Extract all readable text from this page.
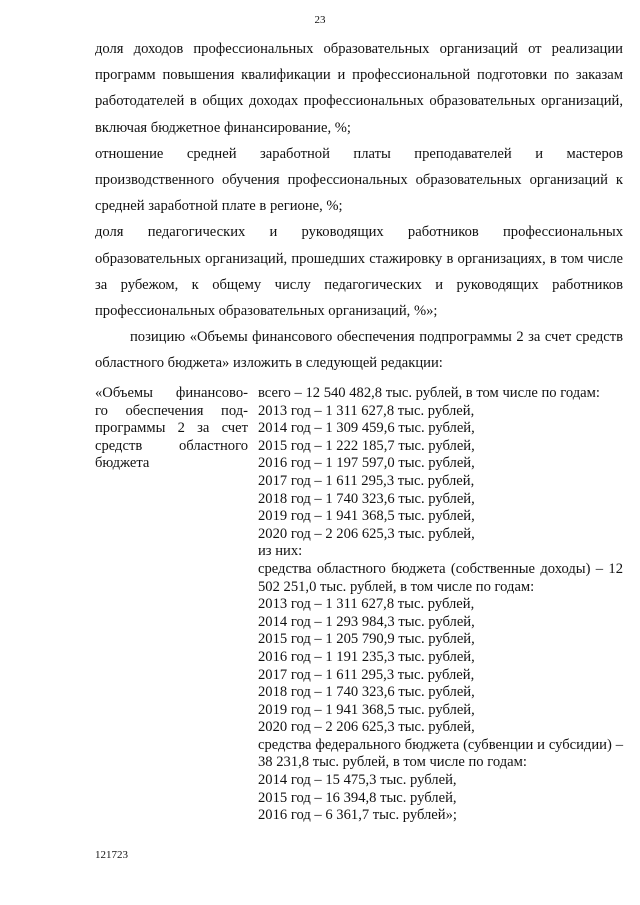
23

доля доходов профессиональных образовательных организаций от реализации программ повышения квалификации и профессиональной подготовки по заказам работодателей в общих доходах профессиональных образовательных организаций, включая бюджетное финансирование, %;

отношение средней заработной платы преподавателей и мастеров производственного обучения профессиональных образовательных организаций к средней заработной плате в регионе, %;

доля педагогических и руководящих работников профессиональных образовательных организаций, прошедших стажировку в организациях, в том числе за рубежом, к общему числу педагогических и руководящих работников профессиональных образовательных организаций, %»;

позицию «Объемы финансового обеспечения подпрограммы 2 за счет средств областного бюджета» изложить в следующей редакции:

«Объемы финансово-
го обеспечения под-
программы 2 за счет
средств областного
бюджета
всего – 12 540 482,8 тыс. рублей, в том числе по годам:
2013 год – 1 311 627,8 тыс. рублей,
2014 год – 1 309 459,6 тыс. рублей,
2015 год – 1 222 185,7 тыс. рублей,
2016 год – 1 197 597,0 тыс. рублей,
2017 год – 1 611 295,3 тыс. рублей,
2018 год – 1 740 323,6 тыс. рублей,
2019 год – 1 941 368,5 тыс. рублей,
2020 год – 2 206 625,3 тыс. рублей,
из них:
средства областного бюджета (собственные доходы) – 12 502 251,0 тыс. рублей, в том числе по годам:
2013 год – 1 311 627,8 тыс. рублей,
2014 год – 1 293 984,3 тыс. рублей,
2015 год – 1 205 790,9 тыс. рублей,
2016 год – 1 191 235,3 тыс. рублей,
2017 год – 1 611 295,3 тыс. рублей,
2018 год – 1 740 323,6 тыс. рублей,
2019 год – 1 941 368,5 тыс. рублей,
2020 год – 2 206 625,3 тыс. рублей,
средства федерального бюджета (субвенции и субсидии) – 38 231,8 тыс. рублей, в том числе по годам:
2014 год – 15 475,3 тыс. рублей,
2015 год – 16 394,8 тыс. рублей,
2016 год – 6 361,7 тыс. рублей»;
121723
